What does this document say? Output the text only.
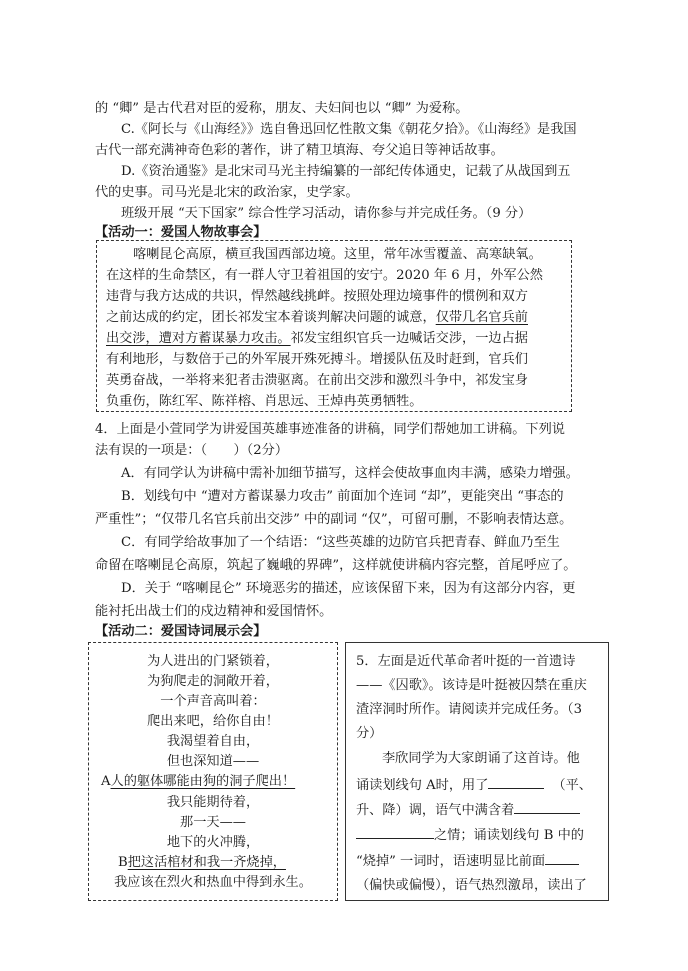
的 “卿” 是古代君对臣的爱称，朋友、夫妇间也以 “卿” 为爱称。
C.《阿长与《山海经》》选自鲁迅回忆性散文集《朝花夕拾》。《山海经》是我国
古代一部充满神奇色彩的著作，讲了精卫填海、夸父追日等神话故事。
D.《资治通鉴》是北宋司马光主持编纂的一部纪传体通史，记载了从战国到五
代的史事。司马光是北宋的政治家，史学家。
班级开展 “天下国家” 综合性学习活动，请你参与并完成任务。（9 分）
【活动一：爱国人物故事会】
喀喇昆仑高原，横亘我国西部边境。这里，常年冰雪覆盖、高寒缺氧。
在这样的生命禁区，有一群人守卫着祖国的安宁。2020 年 6 月，外军公然
违背与我方达成的共识，悍然越线挑衅。按照处理边境事件的惯例和双方
之前达成的约定，团长祁发宝本着谈判解决问题的诚意，仅带几名官兵前
出交涉，遭对方蓄谋暴力攻击。祁发宝组织官兵一边喊话交涉，一边占据
有利地形，与数倍于己的外军展开殊死搏斗。增援队伍及时赶到，官兵们
英勇奋战，一举将来犯者击溃驱离。在前出交涉和激烈斗争中，祁发宝身
负重伤，陈红军、陈祥榕、肖思远、王焯冉英勇牺牲。
4．上面是小萱同学为讲爱国英雄事迹准备的讲稿，同学们帮她加工讲稿。下列说
法有误的一项是：（　　）（2分）
A．有同学认为讲稿中需补加细节描写，这样会使故事血肉丰满，感染力增强。
B．划线句中 “遭对方蓄谋暴力攻击” 前面加个连词 “却”，更能突出 “事态的
严重性”；“仅带几名官兵前出交涉” 中的副词 “仅”，可留可删，不影响表情达意。
C．有同学给故事加了一个结语：“这些英雄的边防官兵把青春、鲜血乃至生
命留在喀喇昆仑高原，筑起了巍峨的界碑”，这样就使讲稿内容完整，首尾呼应了。
D．关于 “喀喇昆仑” 环境恶劣的描述，应该保留下来，因为有这部分内容，更
能衬托出战士们的戍边精神和爱国情怀。
【活动二：爱国诗词展示会】
为人进出的门紧锁着，
为狗爬走的洞敞开着，
一个声音高叫着：
爬出来吧，给你自由！
我渴望着自由，
但也深知道——
A人的躯体哪能由狗的洞子爬出！
我只能期待着，
那一天——
地下的火冲腾，
B把这活棺材和我一齐烧掉，
我应该在烈火和热血中得到永生。
5．左面是近代革命者叶挺的一首遗诗
——《囚歌》。该诗是叶挺被囚禁在重庆
渣滓洞时所作。请阅读并完成任务。（3
分）
李欣同学为大家朗诵了这首诗。他
诵读划线句 A时，用了	（平、
升、降）调，语气中满含着
之情；诵读划线句 B 中的
“烧掉” 一词时，语速明显比前面
（偏快或偏慢），语气热烈激昂，读出了
